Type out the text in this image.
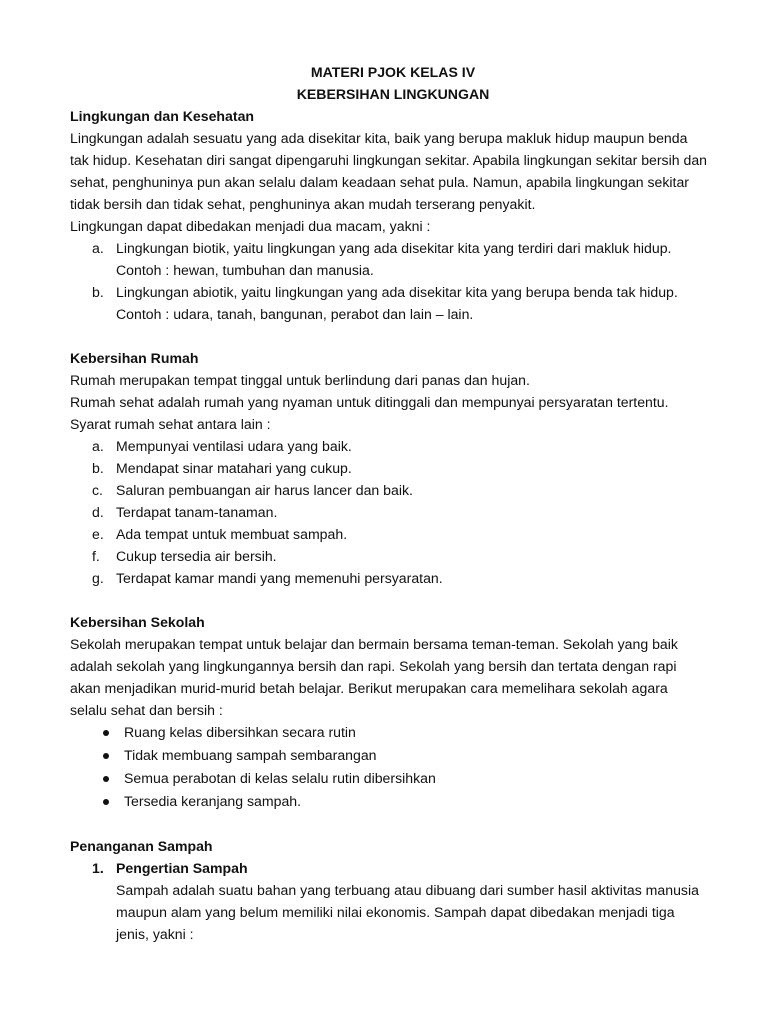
MATERI PJOK KELAS IV

KEBERSIHAN LINGKUNGAN

Lingkungan dan Kesehatan

Lingkungan adalah sesuatu yang ada disekitar kita, baik yang berupa makluk hidup maupun benda tak hidup. Kesehatan diri sangat dipengaruhi lingkungan sekitar. Apabila lingkungan sekitar bersih dan sehat, penghuninya pun akan selalu dalam keadaan sehat pula. Namun, apabila lingkungan sekitar tidak bersih dan tidak sehat, penghuninya akan mudah terserang penyakit.

Lingkungan dapat dibedakan menjadi dua macam, yakni :

a. Lingkungan biotik, yaitu lingkungan yang ada disekitar kita yang terdiri dari makluk hidup.
Contoh : hewan, tumbuhan dan manusia.
b. Lingkungan abiotik, yaitu lingkungan yang ada disekitar kita yang berupa benda tak hidup.
Contoh : udara, tanah, bangunan, perabot dan lain – lain.

Kebersihan Rumah

Rumah merupakan tempat tinggal untuk berlindung dari panas dan hujan.

Rumah sehat adalah rumah yang nyaman untuk ditinggali dan mempunyai persyaratan tertentu.

Syarat rumah sehat antara lain :

a. Mempunyai ventilasi udara yang baik.
b. Mendapat sinar matahari yang cukup.
c. Saluran pembuangan air harus lancer dan baik.
d. Terdapat tanam-tanaman.
e. Ada tempat untuk membuat sampah.
f. Cukup tersedia air bersih.
g. Terdapat kamar mandi yang memenuhi persyaratan.

Kebersihan Sekolah

Sekolah merupakan tempat untuk belajar dan bermain bersama teman-teman. Sekolah yang baik adalah sekolah yang lingkungannya bersih dan rapi. Sekolah yang bersih dan tertata dengan rapi akan menjadikan murid-murid betah belajar. Berikut merupakan cara memelihara sekolah agara selalu sehat dan bersih :

Ruang kelas dibersihkan secara rutin
Tidak membuang sampah sembarangan
Semua perabotan di kelas selalu rutin dibersihkan
Tersedia keranjang sampah.

Penanganan Sampah

1. Pengertian Sampah
Sampah adalah suatu bahan yang terbuang atau dibuang dari sumber hasil aktivitas manusia maupun alam yang belum memiliki nilai ekonomis. Sampah dapat dibedakan menjadi tiga jenis, yakni :
